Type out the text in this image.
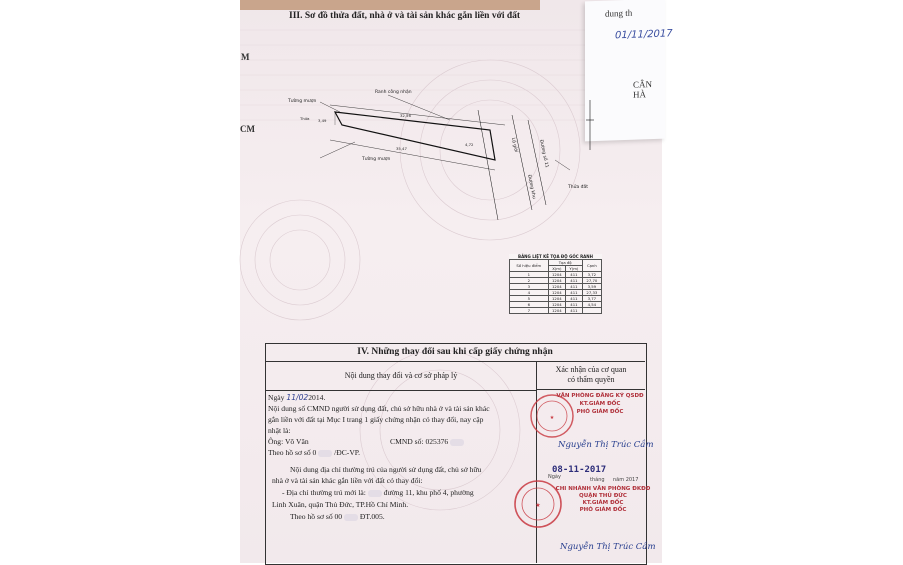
dung th
01/11/2017
CÂN HÀ
III. Sơ đồ thửa đất, nhà ở và tài sản khác gắn liền với đất
M
CM
Ranh công nhận
Tường mượn
Tường mượn
32,56
35,47
3,49
4,72
Thửa
Đường số 11
Lộ giới
Đường khu	Thửa đất
BẢNG LIỆT KÊ TỌA ĐỘ GÓC RANH			
Số hiệu điểm	Tọa độ		Cạnh
	X(m)	Y(m)	
1	1204	411	3,72
2	1204	411	27,70
3	1204	411	3,59
4	1204	411	27,33
5	1204	411	3,77
6	1204	411	4,54
7	1204	411	
IV. Những thay đổi sau khi cấp giấy chứng nhận
Nội dung thay đổi và cơ sở pháp lý
Xác nhận của cơ quan
có thẩm quyền
Ngày 11/022014.
Nội dung số CMND người sử dụng đất, chủ sở hữu nhà ở và tài sản khác
gắn liền với đất tại Mục I trang 1 giấy chứng nhận có thay đổi, nay cập
nhật là:
Ông: Võ Văn	CMND số: 025376
Theo hồ sơ số 0 /ĐC-VP.
Nội dung địa chỉ thường trú của người sử dụng đất, chủ sở hữu
nhà ở và tài sản khác gắn liền với đất có thay đổi:
- Địa chỉ thường trú mới là: đường 11, khu phố 4, phường
Linh Xuân, quận Thủ Đức, TP.Hồ Chí Minh.
Theo hồ sơ số 00 ĐT.005.
★
VĂN PHÒNG ĐĂNG KÝ QSDĐ
KT.GIÁM ĐỐC
PHÓ GIÁM ĐỐC
Nguyễn Thị Trúc Cầm
Ngày
08-11-2017
tháng năm 2017
★
CHI NHÁNH VĂN PHÒNG ĐKĐĐ
QUẬN THỦ ĐỨC
KT.GIÁM ĐỐC
PHÓ GIÁM ĐỐC
Nguyễn Thị Trúc Cầm
